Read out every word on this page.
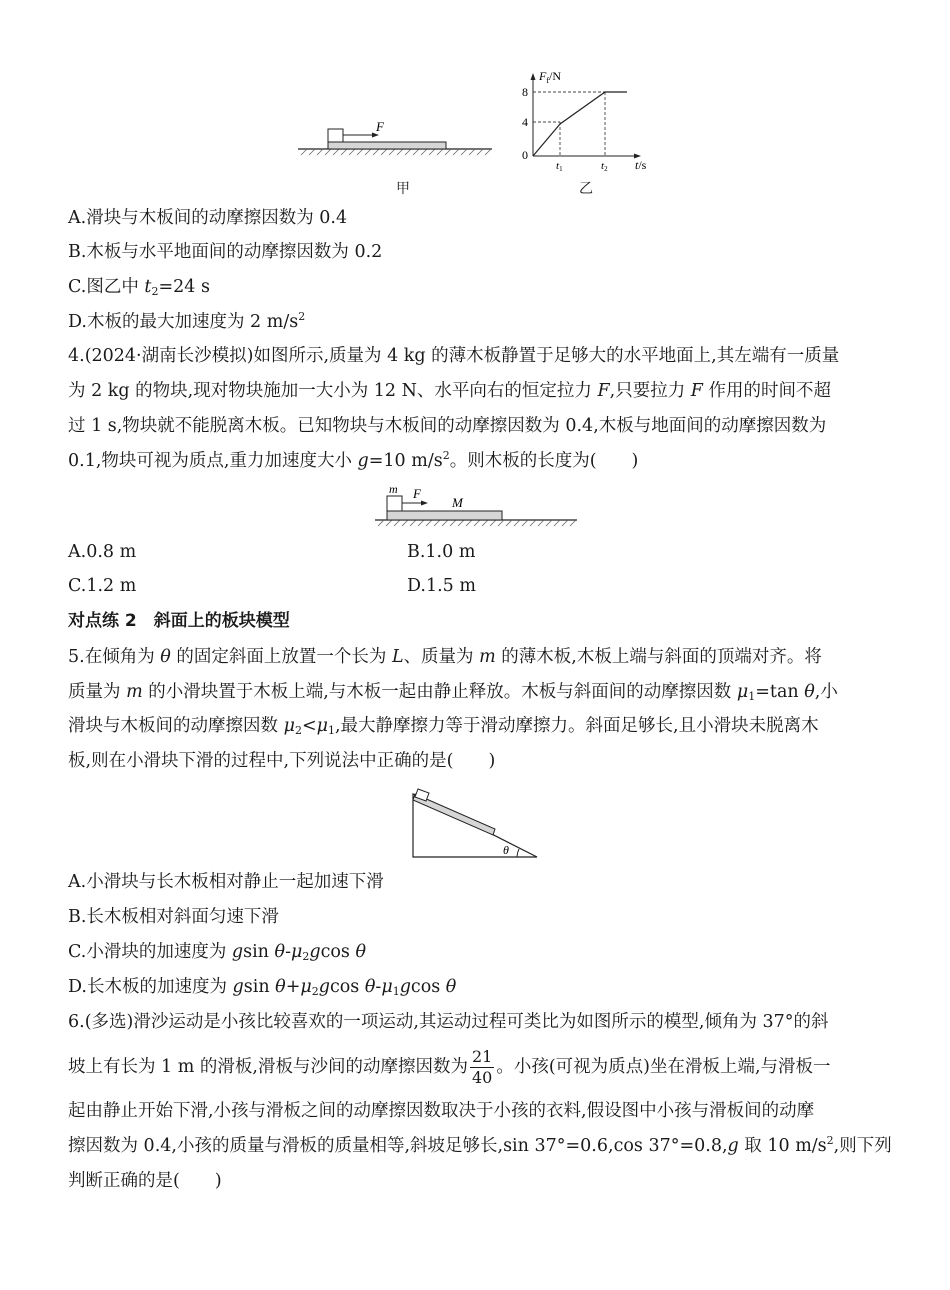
F
甲
$F_f/N$
8
4
0
t1	t2 t/s
乙
A.滑块与木板间的动摩擦因数为 0.4
B.木板与水平地面间的动摩擦因数为 0.2
C.图乙中 $t_2=24$ s
D.木板的最大加速度为 2 $m/s^2$
4.(2024·湖南长沙模拟)如图所示,质量为 4 kg 的薄木板静置于足够大的水平地面上,其左端有一质量
为 2 kg 的物块,现对物块施加一大小为 12 N、水平向右的恒定拉力 F,只要拉力 F 作用的时间不超
过 1 s,物块就不能脱离木板。已知物块与木板间的动摩擦因数为 0.4,木板与地面间的动摩擦因数为
0.1,物块可视为质点,重力加速度大小 g=10 $m/s^2$。则木板的长度为(　　)
m F
M
A.0.8 m	B.1.0 m
C.1.2 m	D.1.5 m
对点练 2　斜面上的板块模型
5.在倾角为 θ 的固定斜面上放置一个长为 L、质量为 m 的薄木板,木板上端与斜面的顶端对齐。将
质量为 m 的小滑块置于木板上端,与木板一起由静止释放。木板与斜面间的动摩擦因数 $\mu_1=\tan$ θ,小
滑块与木板间的动摩擦因数 $\mu_2<\mu_1$,最大静摩擦力等于滑动摩擦力。斜面足够长,且小滑块未脱离木
板,则在小滑块下滑的过程中,下列说法中正确的是(　　)
θ
A.小滑块与长木板相对静止一起加速下滑
B.长木板相对斜面匀速下滑
C.小滑块的加速度为 gsin $\theta-\mu_2gcos$ θ
D.长木板的加速度为 gsin $\theta+\mu_2gcos$ $\theta-\mu_1gcos$ θ
6.(多选)滑沙运动是小孩比较喜欢的一项运动,其运动过程可类比为如图所示的模型,倾角为 37°的斜
坡上有长为 1 m 的滑板,滑板与沙间的动摩擦因数为 $\frac{21}{40}$ 。小孩(可视为质点)坐在滑板上端,与滑板一
起由静止开始下滑,小孩与滑板之间的动摩擦因数取决于小孩的衣料,假设图中小孩与滑板间的动摩
擦因数为 0.4,小孩的质量与滑板的质量相等,斜坡足够长,sin 37°=0.6,cos 37°=0.8,g 取 10 $m/s^2$,则下列
判断正确的是(　　)
